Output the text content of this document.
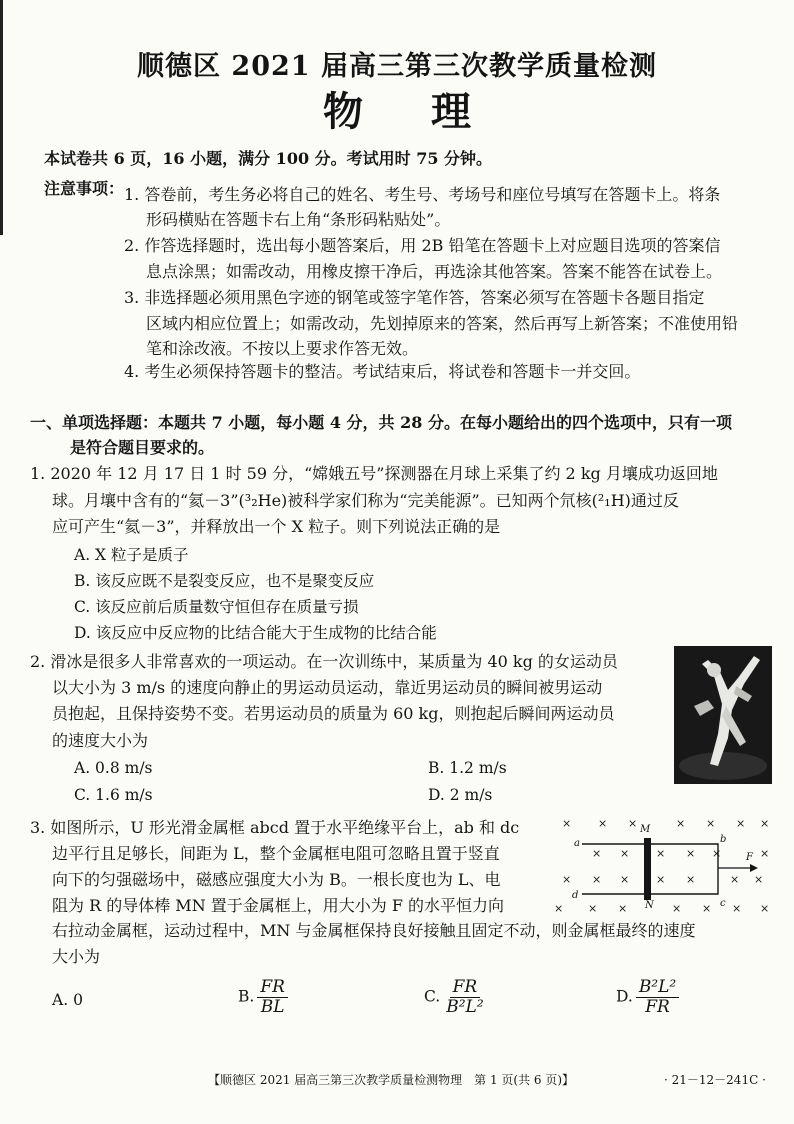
顺德区 2021 届高三第三次教学质量检测
物理
本试卷共 6 页，16 小题，满分 100 分。考试用时 75 分钟。
注意事项： 1. 答卷前，考生务必将自己的姓名、考生号、考场号和座位号填写在答题卡上。将条
形码横贴在答题卡右上角“条形码粘贴处”。
2. 作答选择题时，选出每小题答案后，用 2B 铅笔在答题卡上对应题目选项的答案信
息点涂黑；如需改动，用橡皮擦干净后，再选涂其他答案。答案不能答在试卷上。
3. 非选择题必须用黑色字迹的钢笔或签字笔作答，答案必须写在答题卡各题目指定
区域内相应位置上；如需改动，先划掉原来的答案，然后再写上新答案；不准使用铅
笔和涂改液。不按以上要求作答无效。
4. 考生必须保持答题卡的整洁。考试结束后，将试卷和答题卡一并交回。
一、单项选择题：本题共 7 小题，每小题 4 分，共 28 分。在每小题给出的四个选项中，只有一项
是符合题目要求的。
1. 2020 年 12 月 17 日 1 时 59 分，“嫦娥五号”探测器在月球上采集了约 2 kg 月壤成功返回地
球。月壤中含有的“氦－3”(³₂He)被科学家们称为“完美能源”。已知两个氘核(²₁H)通过反
应可产生“氦－3”，并释放出一个 X 粒子。则下列说法正确的是
A. X 粒子是质子
B. 该反应既不是裂变反应，也不是聚变反应
C. 该反应前后质量数守恒但存在质量亏损
D. 该反应中反应物的比结合能大于生成物的比结合能
2. 滑冰是很多人非常喜欢的一项运动。在一次训练中，某质量为 40 kg 的女运动员
以大小为 3 m/s 的速度向静止的男运动员运动，靠近男运动员的瞬间被男运动
员抱起，且保持姿势不变。若男运动员的质量为 60 kg，则抱起后瞬间两运动员
的速度大小为
A. 0.8 m/s	B. 1.2 m/s
C. 1.6 m/s	D. 2 m/s
3. 如图所示，U 形光滑金属框 abcd 置于水平绝缘平台上，ab 和 dc
边平行且足够长，间距为 L，整个金属框电阻可忽略且置于竖直
向下的匀强磁场中，磁感应强度大小为 B。一根长度也为 L、电
阻为 R 的导体棒 MN 置于金属框上，用大小为 F 的水平恒力向
右拉动金属框，运动过程中，MN 与金属框保持良好接触且固定不动，则金属框最终的速度
大小为
× × ×	× × × ×
× × × × ×	×
× × × × ×	× ×
× × ×	× × × ×
a	b
c
d
M
N
F
A. 0	B. $\frac{FR}{BL}$	C. $\frac{FR}{\text{B²L²}}$	D. $\frac{\text{B²L²}}{FR}$
【顺德区 2021 届高三第三次教学质量检测物理　第 1 页(共 6 页)】	· 21－12－241C ·
